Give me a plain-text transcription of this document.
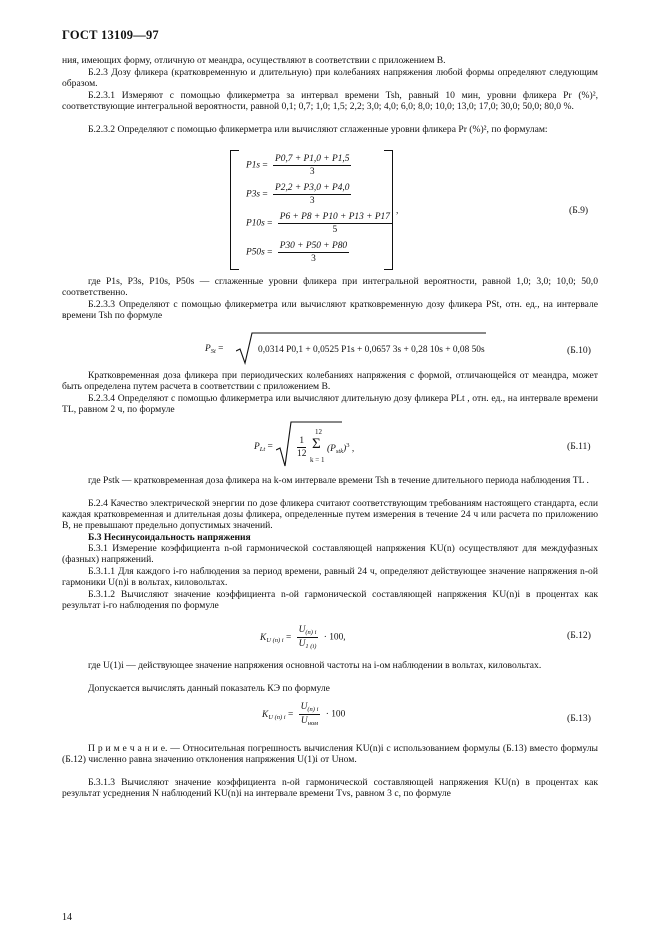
ГОСТ 13109—97
ния, имеющих форму, отличную от меандра, осуществляют в соответствии с приложением В.
Б.2.3 Дозу фликера (кратковременную и длительную) при колебаниях напряжения любой формы определяют следующим образом.
Б.2.3.1 Измеряют с помощью фликерметра за интервал времени Tsh, равный 10 мин, уровни фликера Pr (%)², соответствующие интегральной вероятности, равной 0,1; 0,7; 1,0; 1,5; 2,2; 3,0; 4,0; 6,0; 8,0; 10,0; 13,0; 17,0; 30,0; 50,0; 80,0 %.
Б.2.3.2 Определяют с помощью фликерметра или вычисляют сглаженные уровни фликера Pr (%)², по формулам:
,
$P1s = \frac{P0,7 + P1,0 + P1,5}{3}$
$P3s = \frac{P2,2 + P3,0 + P4,0}{3}$
$P10s = \frac{P6 + P8 + P10 + P13 + P17}{5}$
$P50s = \frac{P30 + P50 + P80}{3}$
(Б.9)
где P1s, P3s, P10s, P50s — сглаженные уровни фликера при интегральной вероятности, равной 1,0; 3,0; 10,0; 50,0 соответственно.
Б.2.3.3 Определяют с помощью фликерметра или вычисляют кратковременную дозу фликера PSt, отн. ед., на интервале времени Tsh по формуле
$P_{St}$ =	0,0314 P0,1 + 0,0525 P1s + 0,0657 3s + 0,28 10s + 0,08 50s	(Б.10)
Кратковременная доза фликера при периодических колебаниях напряжения с формой, отличающейся от меандра, может быть определена путем расчета в соответствии с приложением В.
Б.2.3.4 Определяют с помощью фликерметра или вычисляют длительную дозу фликера PLt , отн. ед., на интервале времени TL, равном 2 ч, по формуле
$P_{Lt}$ =	$\frac{1}{12}$
12
Σ
k = 1
$(P_{stk})^3$ ,	(Б.11)
где Pstk — кратковременная доза фликера на k-ом интервале времени Tsh в течение длительного периода наблюдения TL .
Б.2.4 Качество электрической энергии по дозе фликера считают соответствующим требованиям настоящего стандарта, если каждая кратковременная и длительная дозы фликера, определенные путем измерения в течение 24 ч или расчета по приложению В, не превышают предельно допустимых значений.
Б.3 Несинусоидальность напряжения
Б.3.1 Измерение коэффициента n-ой гармонической составляющей напряжения KU(n) осуществляют для междуфазных (фазных) напряжений.
Б.3.1.1 Для каждого i-го наблюдения за период времени, равный 24 ч, определяют действующее значение напряжения n-ой гармоники U(n)i в вольтах, киловольтах.
Б.3.1.2 Вычисляют значение коэффициента n-ой гармонической составляющей напряжения KU(n)i в процентах как результат i-го наблюдения по формуле
$K_{U (n) i} = \frac{U_{(n) i}}{U_{1 (i)}} \cdot 100$,	(Б.12)
где U(1)i — действующее значение напряжения основной частоты на i-ом наблюдении в вольтах, киловольтах.
Допускается вычислять данный показатель КЭ по формуле
$K_{U (n) i} = \frac{U_{(n) i}}{U_{ном}} \cdot 100$	(Б.13)
П р и м е ч а н и е. — Относительная погрешность вычисления KU(n)i с использованием формулы (Б.13) вместо формулы (Б.12) численно равна значению отклонения напряжения U(1)i от Uном.
Б.3.1.3 Вычисляют значение коэффициента n-ой гармонической составляющей напряжения KU(n) в процентах как результат усреднения N наблюдений KU(n)i на интервале времени Tvs, равном 3 с, по формуле
14
